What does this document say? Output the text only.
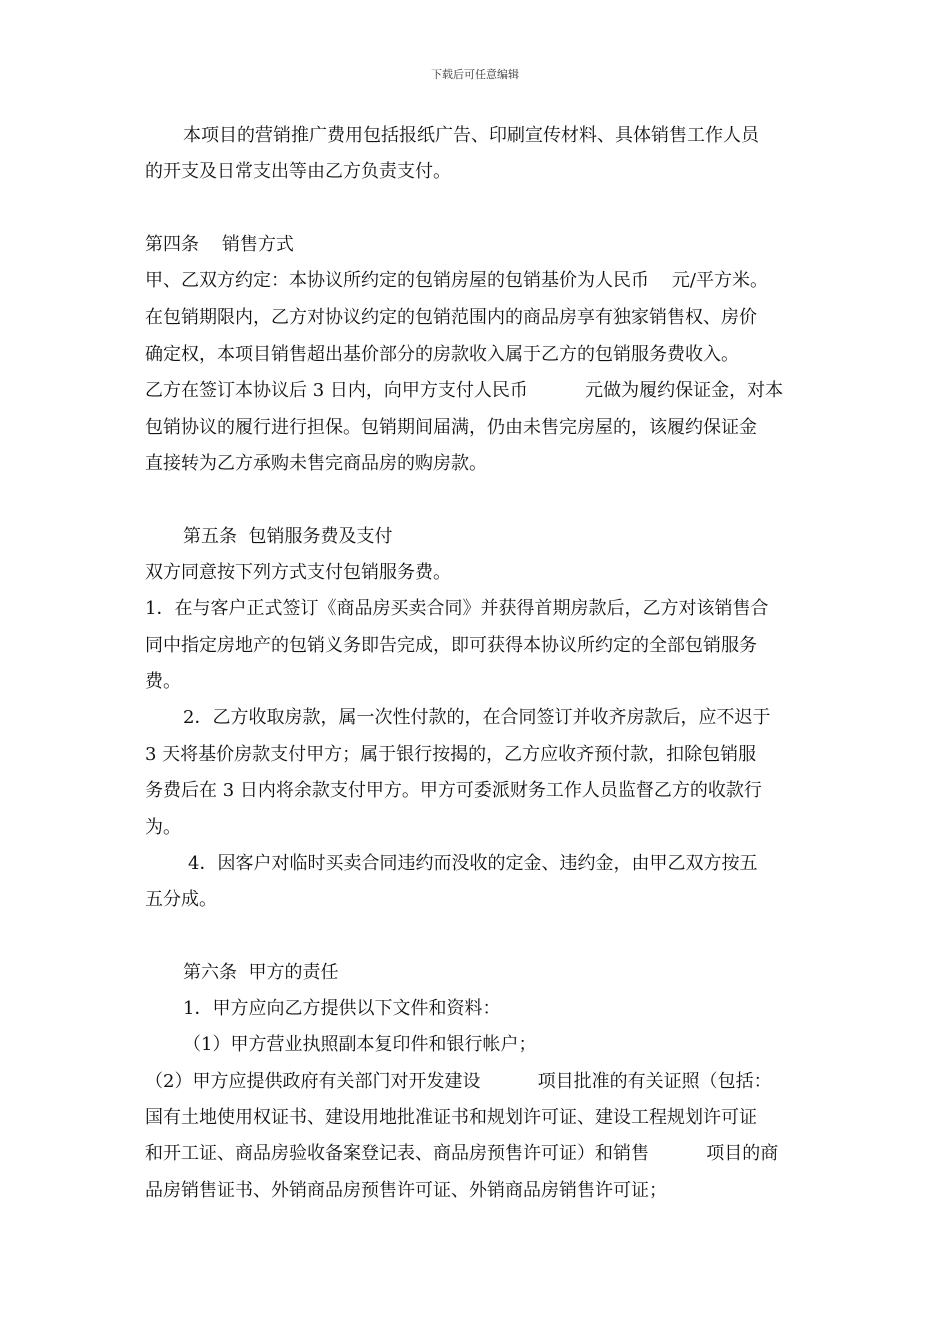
下载后可任意编辑
本项目的营销推广费用包括报纸广告、印刷宣传材料、具体销售工作人员
的开支及日常支出等由乙方负责支付。
第四条    销售方式
甲、乙双方约定：本协议所约定的包销房屋的包销基价为人民币    元/平方米。
在包销期限内，乙方对协议约定的包销范围内的商品房享有独家销售权、房价
确定权，本项目销售超出基价部分的房款收入属于乙方的包销服务费收入。
乙方在签订本协议后 3 日内，向甲方支付人民币          元做为履约保证金，对本
包销协议的履行进行担保。包销期间届满，仍由未售完房屋的，该履约保证金
直接转为乙方承购未售完商品房的购房款。
第五条  包销服务费及支付
双方同意按下列方式支付包销服务费。
1．在与客户正式签订《商品房买卖合同》并获得首期房款后，乙方对该销售合
同中指定房地产的包销义务即告完成，即可获得本协议所约定的全部包销服务
费。
2．乙方收取房款，属一次性付款的，在合同签订并收齐房款后，应不迟于
3 天将基价房款支付甲方；属于银行按揭的，乙方应收齐预付款，扣除包销服
务费后在 3 日内将余款支付甲方。甲方可委派财务工作人员监督乙方的收款行
为。
4．因客户对临时买卖合同违约而没收的定金、违约金，由甲乙双方按五
五分成。
第六条  甲方的责任
1．甲方应向乙方提供以下文件和资料：
（1）甲方营业执照副本复印件和银行帐户；
（2）甲方应提供政府有关部门对开发建设          项目批准的有关证照（包括：
国有土地使用权证书、建设用地批准证书和规划许可证、建设工程规划许可证
和开工证、商品房验收备案登记表、商品房预售许可证）和销售          项目的商
品房销售证书、外销商品房预售许可证、外销商品房销售许可证；
